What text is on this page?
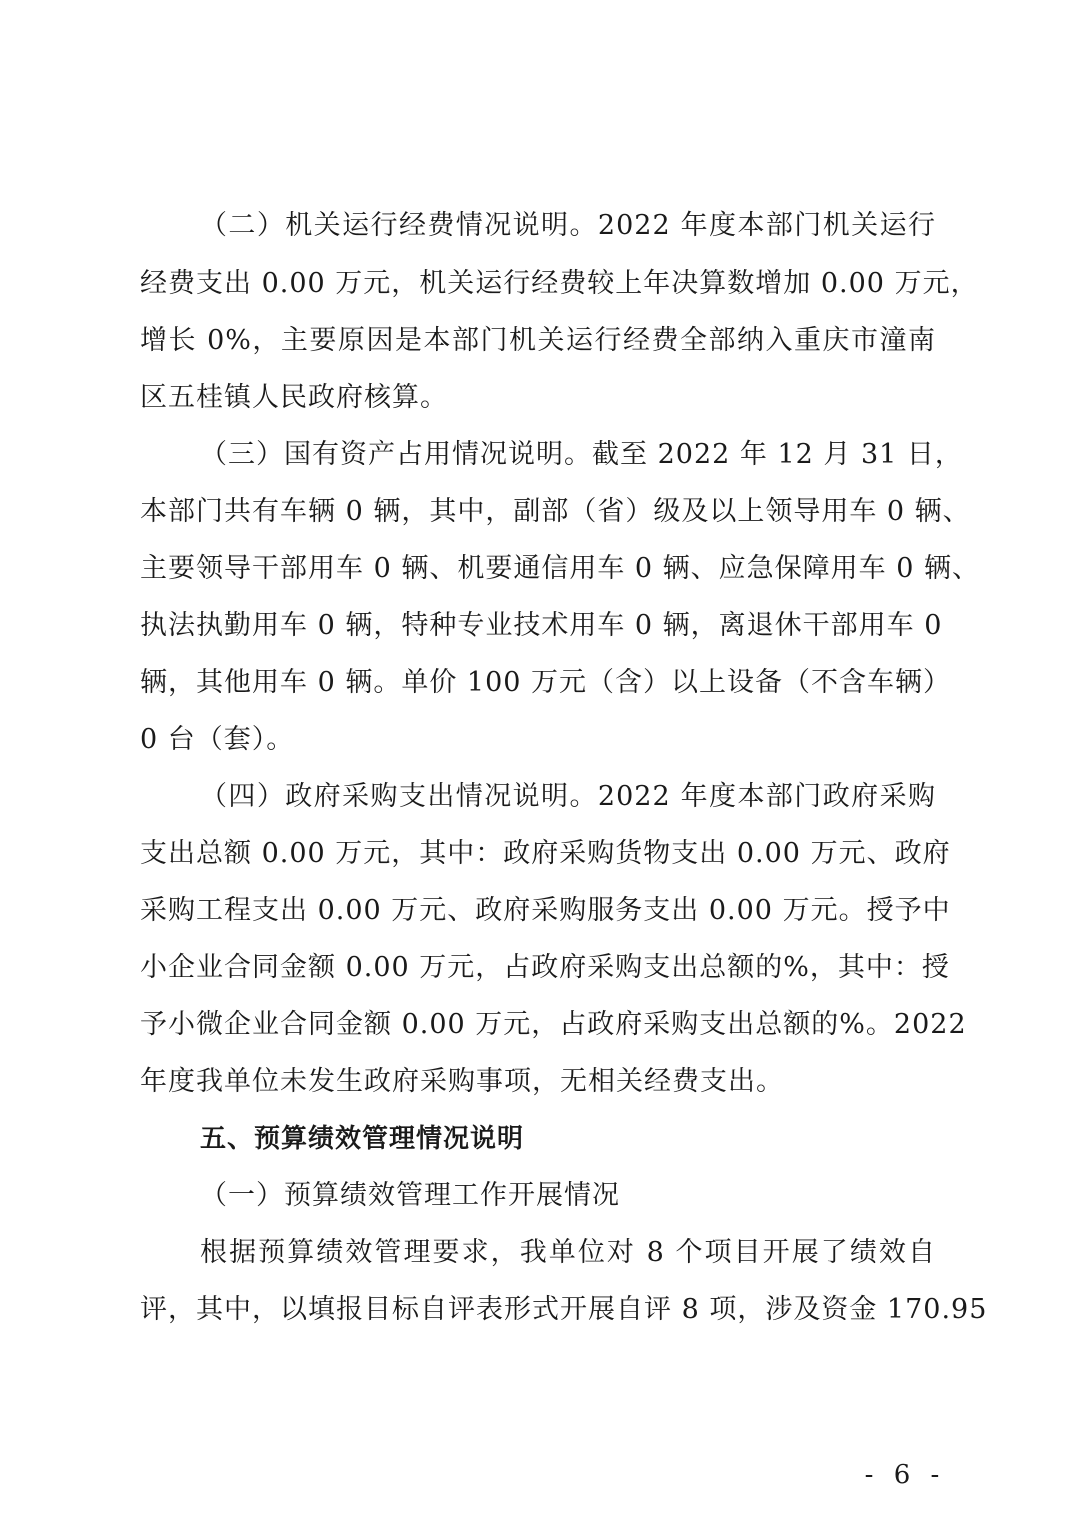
（二）机关运行经费情况说明。2022 年度本部门机关运行
经费支出 0.00 万元，机关运行经费较上年决算数增加 0.00 万元，
增长 0%，主要原因是本部门机关运行经费全部纳入重庆市潼南
区五桂镇人民政府核算。
（三）国有资产占用情况说明。截至 2022 年 12 月 31 日，
本部门共有车辆 0 辆，其中，副部（省）级及以上领导用车 0 辆、
主要领导干部用车 0 辆、机要通信用车 0 辆、应急保障用车 0 辆、
执法执勤用车 0 辆，特种专业技术用车 0 辆，离退休干部用车 0
辆，其他用车 0 辆。单价 100 万元（含）以上设备（不含车辆）
0 台（套）。
（四）政府采购支出情况说明。2022 年度本部门政府采购
支出总额 0.00 万元，其中：政府采购货物支出 0.00 万元、政府
采购工程支出 0.00 万元、政府采购服务支出 0.00 万元。授予中
小企业合同金额 0.00 万元，占政府采购支出总额的%，其中：授
予小微企业合同金额 0.00 万元，占政府采购支出总额的%。2022
年度我单位未发生政府采购事项，无相关经费支出。
五、预算绩效管理情况说明
（一）预算绩效管理工作开展情况
根据预算绩效管理要求，我单位对 8 个项目开展了绩效自
评，其中，以填报目标自评表形式开展自评 8 项，涉及资金 170.95
- 6 -
